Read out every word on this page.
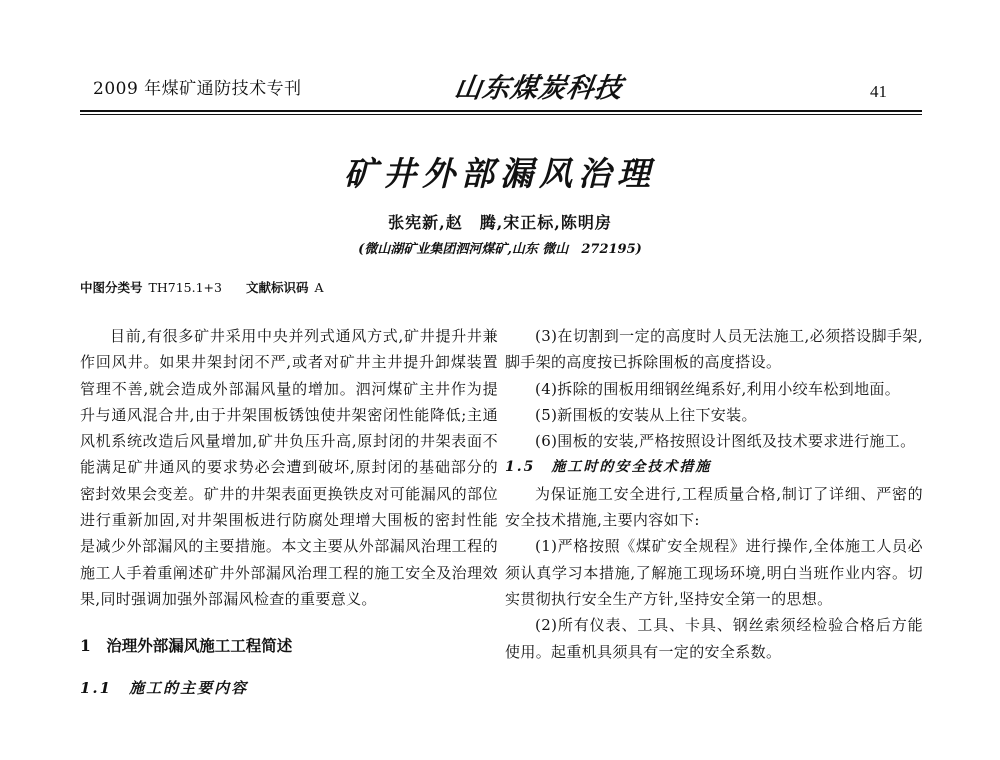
2009 年煤矿通防技术专刊	山东煤炭科技	41
矿井外部漏风治理
张宪新,赵　腾,宋正标,陈明房
(微山湖矿业集团泗河煤矿,山东 微山　272195)
中图分类号 TH715.1+3 文献标识码 A

目前,有很多矿井采用中央并列式通风方式,矿井提升井兼作回风井。如果井架封闭不严,或者对矿井主井提升卸煤装置管理不善,就会造成外部漏风量的增加。泗河煤矿主井作为提升与通风混合井,由于井架围板锈蚀使井架密闭性能降低;主通风机系统改造后风量增加,矿井负压升高,原封闭的井架表面不能满足矿井通风的要求势必会遭到破坏,原封闭的基础部分的密封效果会变差。矿井的井架表面更换铁皮对可能漏风的部位进行重新加固,对井架围板进行防腐处理增大围板的密封性能是减少外部漏风的主要措施。本文主要从外部漏风治理工程的施工人手着重阐述矿井外部漏风治理工程的施工安全及治理效果,同时强调加强外部漏风检查的重要意义。

1　治理外部漏风施工工程简述
1.1　施工的主要内容

(3)在切割到一定的高度时人员无法施工,必须搭设脚手架,脚手架的高度按已拆除围板的高度搭设。

(4)拆除的围板用细钢丝绳系好,利用小绞车松到地面。

(5)新围板的安装从上往下安装。

(6)围板的安装,严格按照设计图纸及技术要求进行施工。

1.5　施工时的安全技术措施

为保证施工安全进行,工程质量合格,制订了详细、严密的安全技术措施,主要内容如下:

(1)严格按照《煤矿安全规程》进行操作,全体施工人员必须认真学习本措施,了解施工现场环境,明白当班作业内容。切实贯彻执行安全生产方针,坚持安全第一的思想。

(2)所有仪表、工具、卡具、钢丝索须经检验合格后方能使用。起重机具须具有一定的安全系数。
